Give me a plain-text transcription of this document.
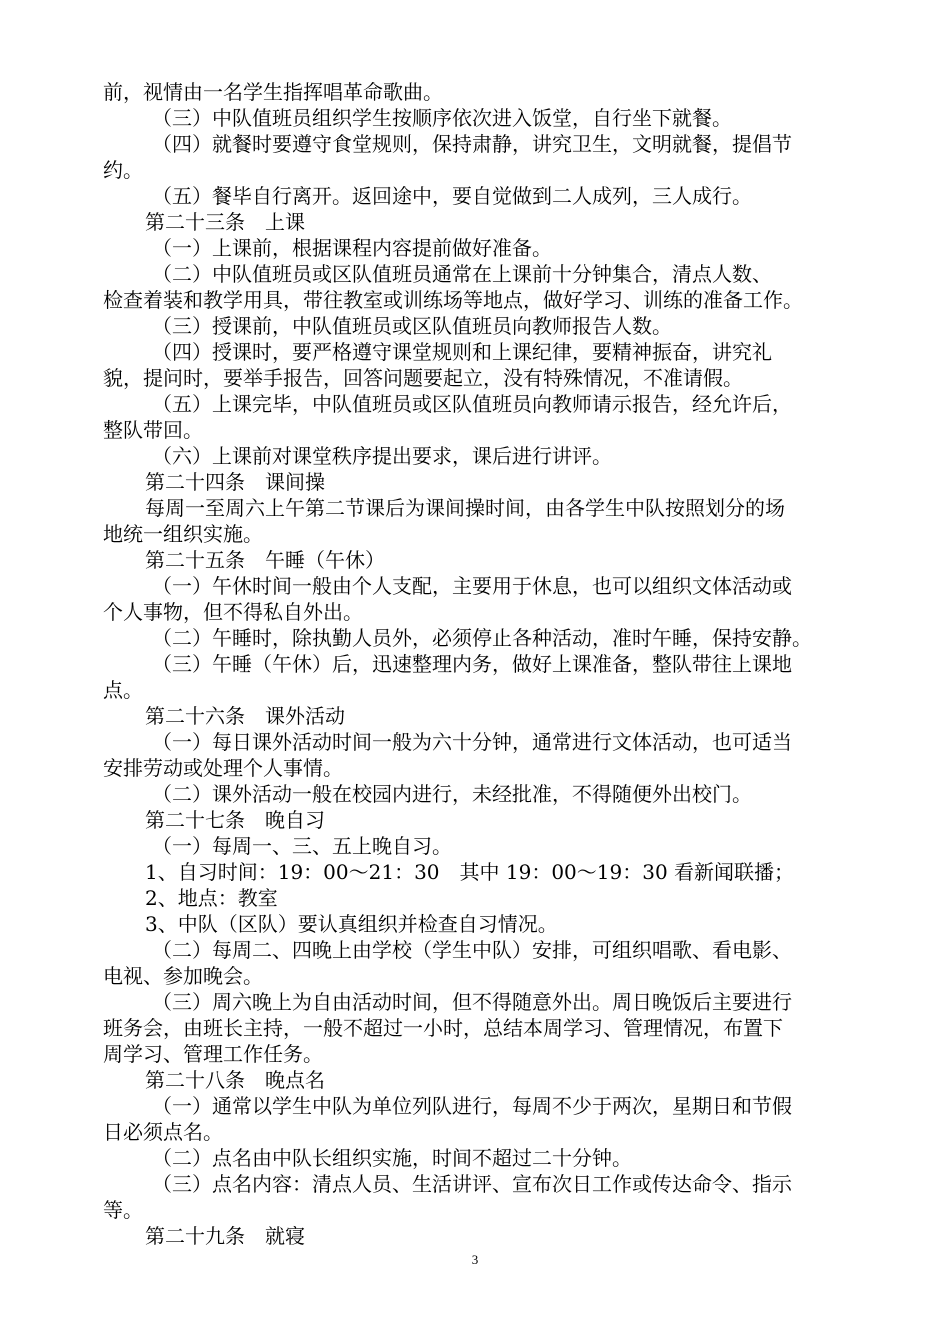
前，视情由一名学生指挥唱革命歌曲。
（三）中队值班员组织学生按顺序依次进入饭堂，自行坐下就餐。
（四）就餐时要遵守食堂规则，保持肃静，讲究卫生，文明就餐，提倡节
约。
（五）餐毕自行离开。返回途中，要自觉做到二人成列，三人成行。
第二十三条　上课
（一）上课前，根据课程内容提前做好准备。
（二）中队值班员或区队值班员通常在上课前十分钟集合，清点人数、
检查着装和教学用具，带往教室或训练场等地点，做好学习、训练的准备工作。
（三）授课前，中队值班员或区队值班员向教师报告人数。
（四）授课时，要严格遵守课堂规则和上课纪律，要精神振奋，讲究礼
貌，提问时，要举手报告，回答问题要起立，没有特殊情况，不准请假。
（五）上课完毕，中队值班员或区队值班员向教师请示报告，经允许后，
整队带回。
（六）上课前对课堂秩序提出要求，课后进行讲评。
第二十四条　课间操
每周一至周六上午第二节课后为课间操时间，由各学生中队按照划分的场
地统一组织实施。
第二十五条　午睡（午休）
（一）午休时间一般由个人支配，主要用于休息，也可以组织文体活动或
个人事物，但不得私自外出。
（二）午睡时，除执勤人员外，必须停止各种活动，准时午睡，保持安静。
（三）午睡（午休）后，迅速整理内务，做好上课准备，整队带往上课地
点。
第二十六条　课外活动
（一）每日课外活动时间一般为六十分钟，通常进行文体活动，也可适当
安排劳动或处理个人事情。
（二）课外活动一般在校园内进行，未经批准，不得随便外出校门。
第二十七条　晚自习
（一）每周一、三、五上晚自习。
1、自习时间：19：00～21：30　其中 19：00～19：30 看新闻联播；
2、地点：教室
3、中队（区队）要认真组织并检查自习情况。
（二）每周二、四晚上由学校（学生中队）安排，可组织唱歌、看电影、
电视、参加晚会。
（三）周六晚上为自由活动时间，但不得随意外出。周日晚饭后主要进行
班务会，由班长主持，一般不超过一小时，总结本周学习、管理情况，布置下
周学习、管理工作任务。
第二十八条　晚点名
（一）通常以学生中队为单位列队进行，每周不少于两次，星期日和节假
日必须点名。
（二）点名由中队长组织实施，时间不超过二十分钟。
（三）点名内容：清点人员、生活讲评、宣布次日工作或传达命令、指示
等。
第二十九条　就寝
3
